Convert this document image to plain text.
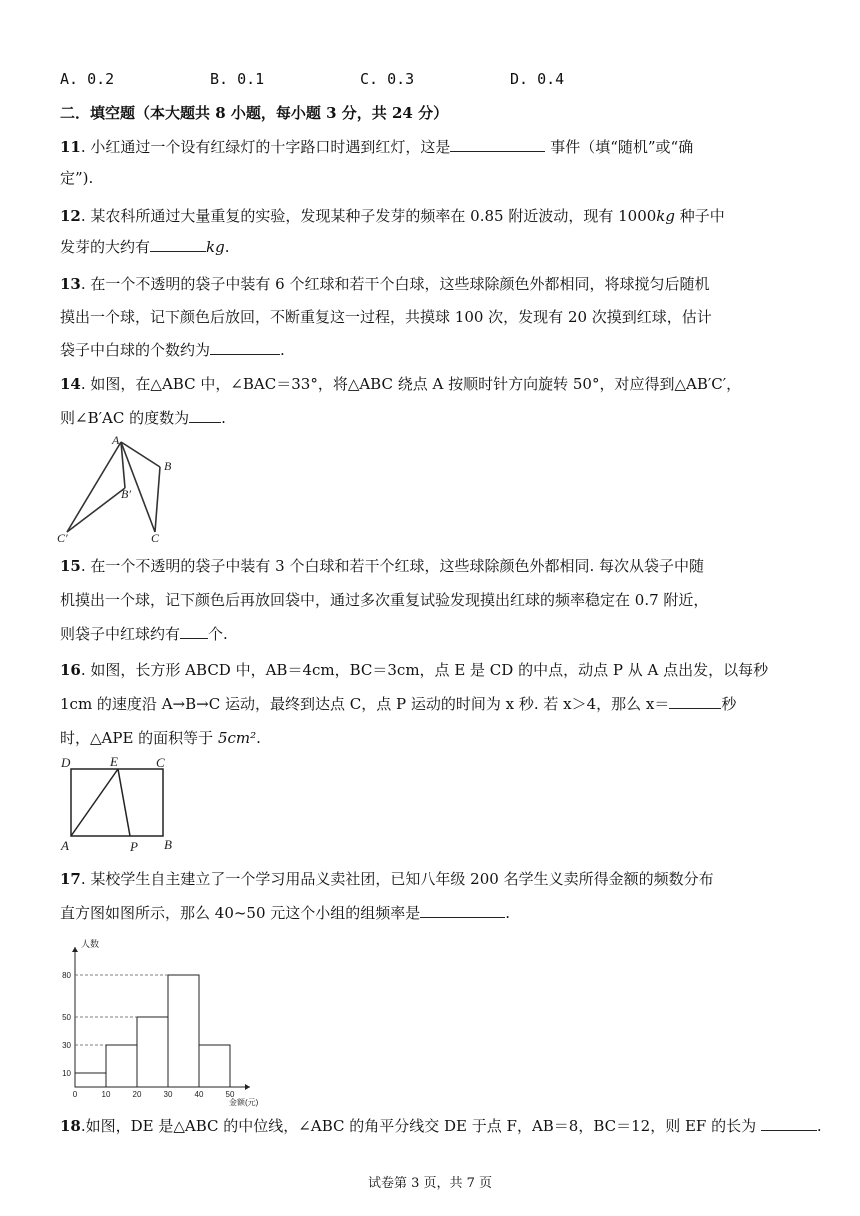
A. 0.2	B. 0.1	C. 0.3	D. 0.4
二．填空题（本大题共 8 小题，每小题 3 分，共 24 分）
11. 小红通过一个设有红绿灯的十字路口时遇到红灯，这是	事件（填“随机”或“确
定”).
12. 某农科所通过大量重复的实验，发现某种子发芽的频率在 0.85 附近波动，现有 1000kg 种子中
发芽的大约有	kg.
13. 在一个不透明的袋子中装有 6 个红球和若干个白球，这些球除颜色外都相同，将球搅匀后随机
摸出一个球，记下颜色后放回，不断重复这一过程，共摸球 100 次，发现有 20 次摸到红球，估计
袋子中白球的个数约为	.
14. 如图，在△ABC 中，∠BAC＝33°，将△ABC 绕点 A 按顺时针方向旋转 50°，对应得到△AB′C′，
则∠B′AC 的度数为 .
A
B
B′
C′	C
15. 在一个不透明的袋子中装有 3 个白球和若干个红球，这些球除颜色外都相同. 每次从袋子中随
机摸出一个球，记下颜色后再放回袋中，通过多次重复试验发现摸出红球的频率稳定在 0.7 附近，
则袋子中红球约有 个.
16. 如图，长方形 ABCD 中，AB＝4cm，BC＝3cm，点 E 是 CD 的中点，动点 P 从 A 点出发，以每秒
1cm 的速度沿 A→B→C 运动，最终到达点 C，点 P 运动的时间为 x 秒. 若 x＞4，那么 x＝	秒
时，△APE 的面积等于 5cm².
D	E	C
A	P B
17. 某校学生自主建立了一个学习用品义卖社团，已知八年级 200 名学生义卖所得金额的频数分布
直方图如图所示，那么 40~50 元这个小组的组频率是	.
10
30
50
80
0	10	20	30	40	50
人数
金额(元)
18.如图，DE 是△ABC 的中位线，∠ABC 的角平分线交 DE 于点 F，AB＝8，BC＝12，则 EF 的长为	.
试卷第 3 页，共 7 页
